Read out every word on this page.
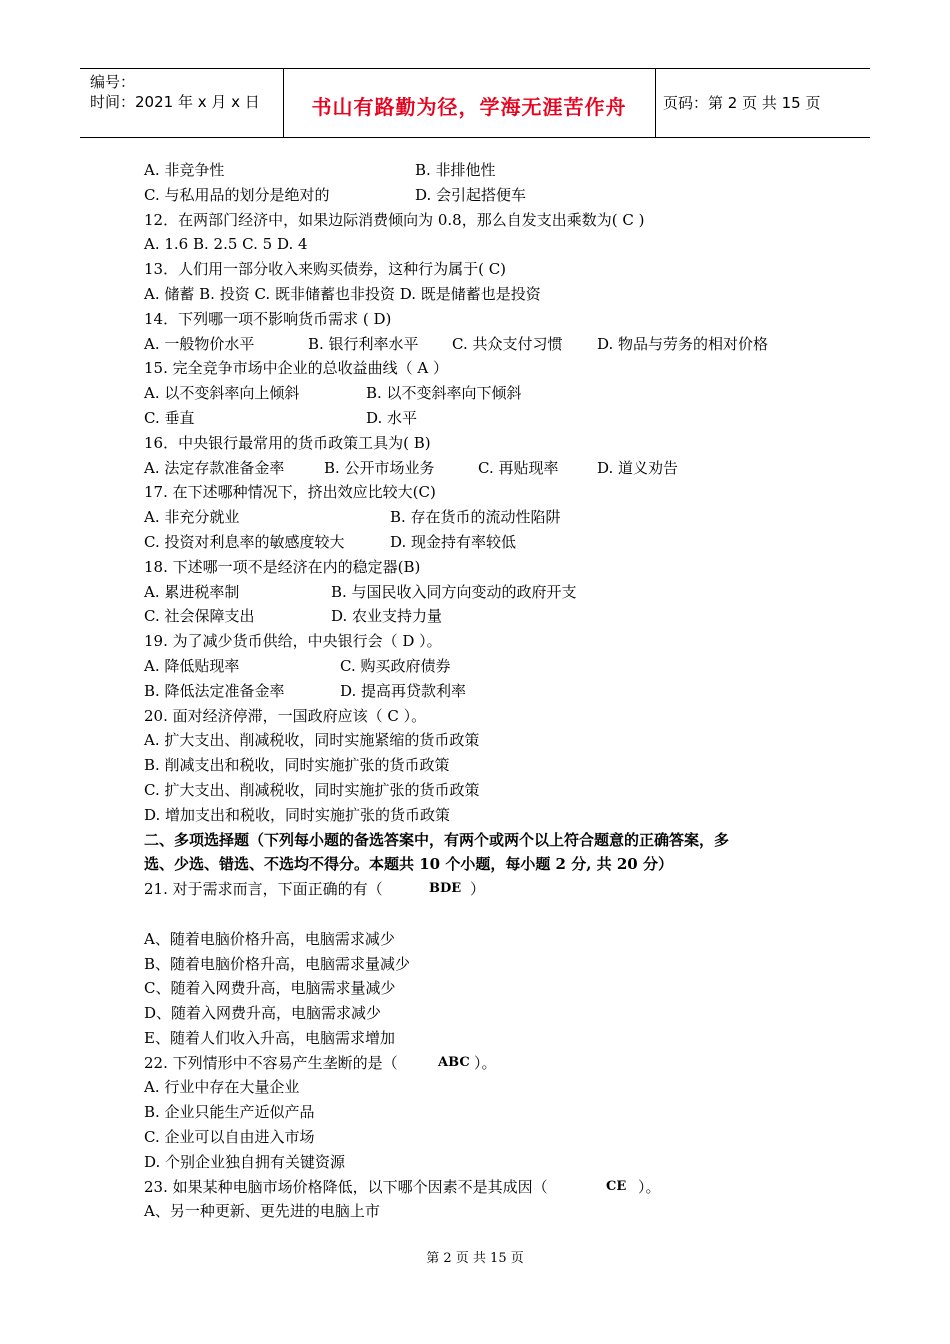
编号：
时间：2021 年 x 月 x 日	书山有路勤为径，学海无涯苦作舟	页码：第 2 页 共 15 页
A. 非竞争性	B. 非排他性
C. 与私用品的划分是绝对的	D. 会引起搭便车
12．在两部门经济中，如果边际消费倾向为 0.8，那么自发支出乘数为( C )
A. 1.6 B. 2.5 C. 5 D. 4
13．人们用一部分收入来购买债券，这种行为属于( C)
A. 储蓄 B. 投资 C. 既非储蓄也非投资 D. 既是储蓄也是投资
14．下列哪一项不影响货币需求 ( D)
A. 一般物价水平	B. 银行利率水平 C. 共众支付习惯 D. 物品与劳务的相对价格
15. 完全竞争市场中企业的总收益曲线（ A ）
A. 以不变斜率向上倾斜	B. 以不变斜率向下倾斜
C. 垂直	D. 水平
16．中央银行最常用的货币政策工具为( B)
A. 法定存款准备金率	B. 公开市场业务	C. 再贴现率	D. 道义劝告
17. 在下述哪种情况下，挤出效应比较大(C)
A. 非充分就业	B. 存在货币的流动性陷阱
C. 投资对利息率的敏感度较大	D. 现金持有率较低
18. 下述哪一项不是经济在内的稳定器(B)
A. 累进税率制	B. 与国民收入同方向变动的政府开支
C. 社会保障支出	D. 农业支持力量
19. 为了减少货币供给，中央银行会（ D ）。
A. 降低贴现率	C. 购买政府债券
B. 降低法定准备金率	D. 提高再贷款利率
20. 面对经济停滞，一国政府应该（ C ）。
A. 扩大支出、削减税收，同时实施紧缩的货币政策
B. 削减支出和税收，同时实施扩张的货币政策
C. 扩大支出、削减税收，同时实施扩张的货币政策
D. 增加支出和税收，同时实施扩张的货币政策
二、多项选择题（下列每小题的备选答案中，有两个或两个以上符合题意的正确答案，多
选、少选、错选、不选均不得分。本题共 10 个小题，每小题 2 分, 共 20 分）
21. 对于需求而言，下面正确的有（	BDE ）
A、随着电脑价格升高，电脑需求减少
B、随着电脑价格升高，电脑需求量减少
C、随着入网费升高，电脑需求量减少
D、随着入网费升高，电脑需求减少
E、随着人们收入升高，电脑需求增加
22. 下列情形中不容易产生垄断的是（	ABC ）。
A. 行业中存在大量企业
B. 企业只能生产近似产品
C. 企业可以自由进入市场
D. 个别企业独自拥有关键资源
23. 如果某种电脑市场价格降低，以下哪个因素不是其成因（	CE ）。
A、另一种更新、更先进的电脑上市
第 2 页 共 15 页
